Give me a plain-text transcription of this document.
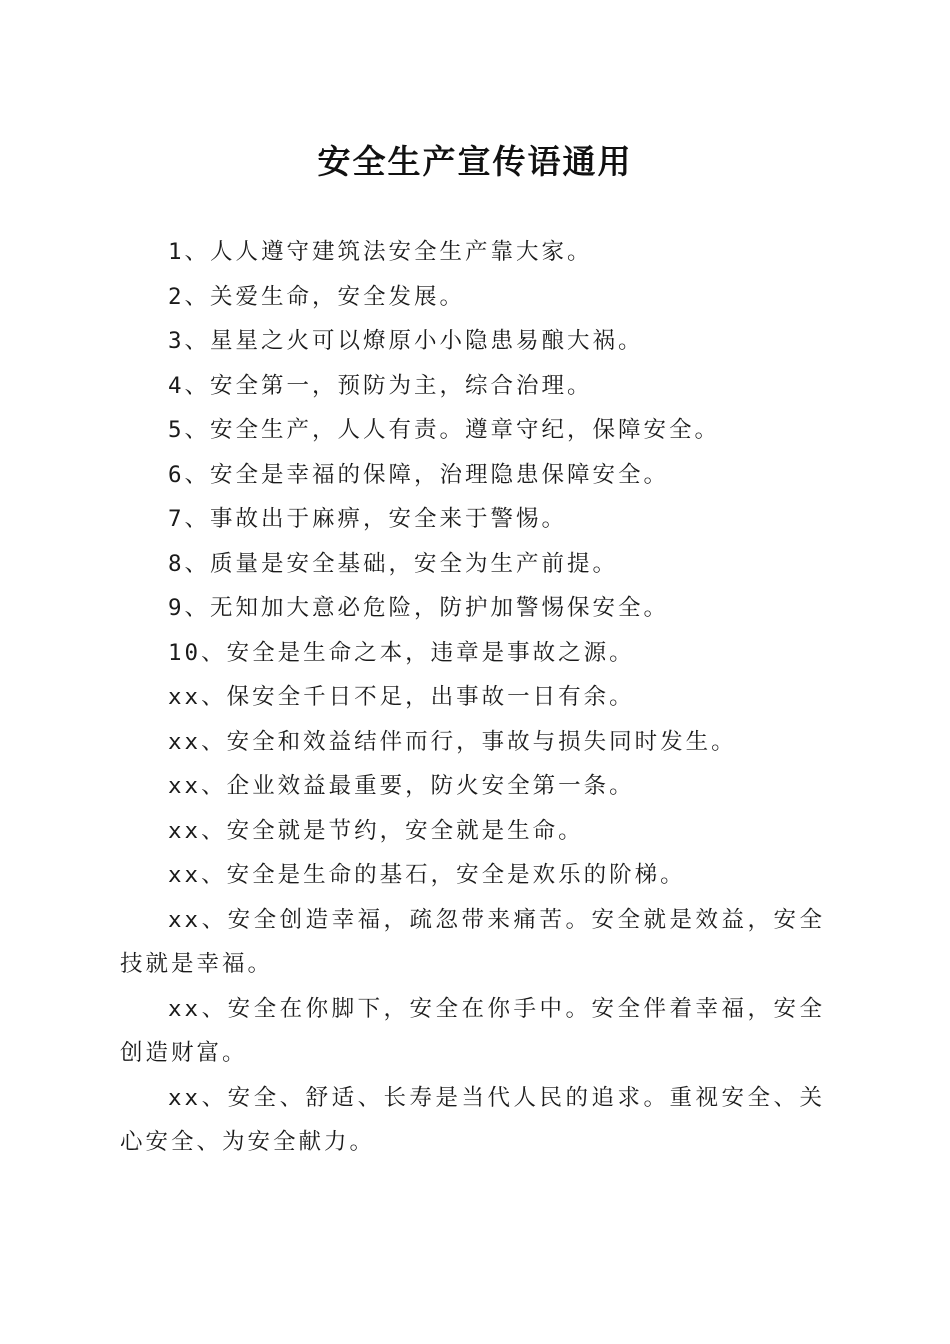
安全生产宣传语通用

1、人人遵守建筑法安全生产靠大家。

2、关爱生命，安全发展。

3、星星之火可以燎原小小隐患易酿大祸。

4、安全第一，预防为主，综合治理。

5、安全生产，人人有责。遵章守纪，保障安全。

6、安全是幸福的保障，治理隐患保障安全。

7、事故出于麻痹，安全来于警惕。

8、质量是安全基础，安全为生产前提。

9、无知加大意必危险，防护加警惕保安全。

10、安全是生命之本，违章是事故之源。

xx、保安全千日不足，出事故一日有余。

xx、安全和效益结伴而行，事故与损失同时发生。

xx、企业效益最重要，防火安全第一条。

xx、安全就是节约，安全就是生命。

xx、安全是生命的基石，安全是欢乐的阶梯。

xx、安全创造幸福，疏忽带来痛苦。安全就是效益，安全技就是幸福。

xx、安全在你脚下，安全在你手中。安全伴着幸福，安全创造财富。

xx、安全、舒适、长寿是当代人民的追求。重视安全、关心安全、为安全献力。
